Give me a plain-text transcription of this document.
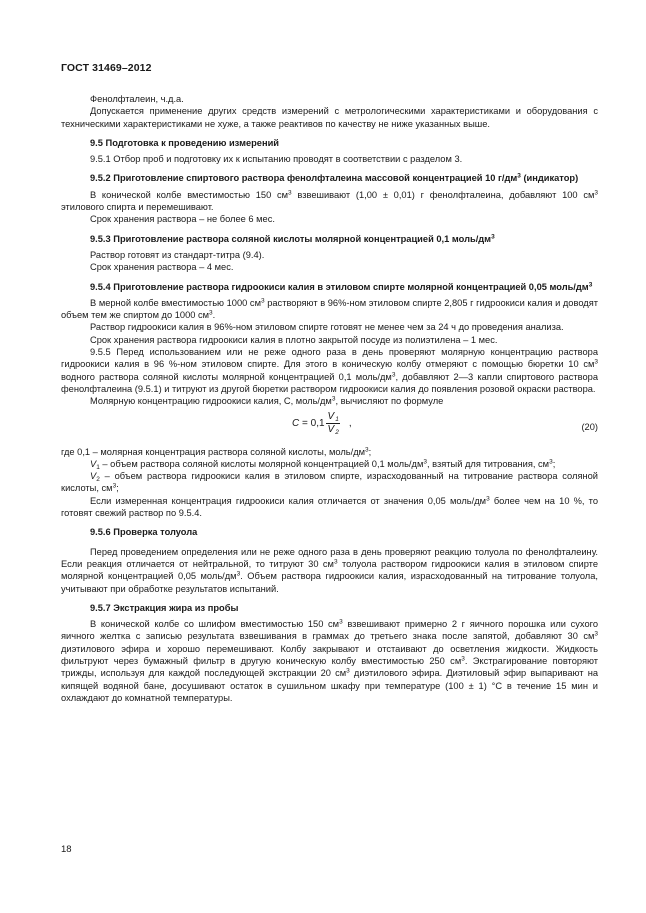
ГОСТ 31469–2012

Фенолфталеин, ч.д.а.

Допускается применение других средств измерений с метрологическими характеристиками и оборудования с техническими характеристиками не хуже, а также реактивов по качеству не ниже указанных выше.

9.5 Подготовка к проведению измерений

9.5.1 Отбор проб и подготовку их к испытанию проводят в соответствии с разделом 3.

9.5.2 Приготовление спиртового раствора фенолфталеина массовой концентрацией 10 $г/дм^3$ (индикатор)

В конической колбе вместимостью 150 $см^3$ взвешивают (1,00 ± 0,01) г фенолфталеина, добавляют 100 $см^3$ этилового спирта и перемешивают.

Срок хранения раствора – не более 6 мес.

9.5.3 Приготовление раствора соляной кислоты молярной концентрацией 0,1 моль/$дм^3$

Раствор готовят из стандарт-титра (9.4).

Срок хранения раствора – 4 мес.

9.5.4 Приготовление раствора гидроокиси калия в этиловом спирте молярной концентрацией 0,05 моль/$дм^3$

В мерной колбе вместимостью 1000 $см^3$ растворяют в 96%-ном этиловом спирте 2,805 г гидроокиси калия и доводят объем тем же спиртом до 1000 $см^3$.

Раствор гидроокиси калия в 96%-ном этиловом спирте готовят не менее чем за 24 ч до проведения анализа.

Срок хранения раствора гидроокиси калия в плотно закрытой посуде из полиэтилена – 1 мес.

9.5.5 Перед использованием или не реже одного раза в день проверяют молярную концентрацию раствора гидроокиси калия в 96 %-ном этиловом спирте. Для этого в коническую колбу отмеряют с помощью бюретки 10 $см^3$ водного раствора соляной кислоты молярной концентрацией 0,1 моль/$дм^3$, добавляют 2—3 капли спиртового раствора фенолфталеина (9.5.1) и титруют из другой бюретки раствором гидроокиси калия до появления розовой окраски раствора.

Молярную концентрацию гидроокиси калия, C, моль/$дм^3$, вычисляют по формуле

$C = 0,1 \frac{V_1}{V_2}$ ,	(20)

где 0,1 – молярная концентрация раствора соляной кислоты, моль/$дм^3$;

$V_1$ – объем раствора соляной кислоты молярной концентрацией 0,1 моль/$дм^3$, взятый для титрования, $см^3$;

$V_2$ – объем раствора гидроокиси калия в этиловом спирте, израсходованный на титрование раствора соляной кислоты, $см^3$;

Если измеренная концентрация гидроокиси калия отличается от значения 0,05 моль/$дм^3$ более чем на 10 %, то готовят свежий раствор по 9.5.4.

9.5.6 Проверка толуола

Перед проведением определения или не реже одного раза в день проверяют реакцию толуола по фенолфталеину. Если реакция отличается от нейтральной, то титруют 30 $см^3$ толуола раствором гидроокиси калия в этиловом спирте молярной концентрацией 0,05 моль/$дм^3$. Объем раствора гидроокиси калия, израсходованный на титрование толуола, учитывают при обработке результатов испытаний.

9.5.7 Экстракция жира из пробы

В конической колбе со шлифом вместимостью 150 $см^3$ взвешивают примерно 2 г яичного порошка или сухого яичного желтка с записью результата взвешивания в граммах до третьего знака после запятой, добавляют 30 $см^3$ диэтилового эфира и хорошо перемешивают. Колбу закрывают и отстаивают до осветления жидкости. Жидкость фильтруют через бумажный фильтр в другую коническую колбу вместимостью 250 $см^3$. Экстрагирование повторяют трижды, используя для каждой последующей экстракции 20 $см^3$ диэтилового эфира. Диэтиловый эфир выпаривают на кипящей водяной бане, досушивают остаток в сушильном шкафу при температуре (100 ± 1) °С в течение 15 мин и охлаждают до комнатной температуры.

18
